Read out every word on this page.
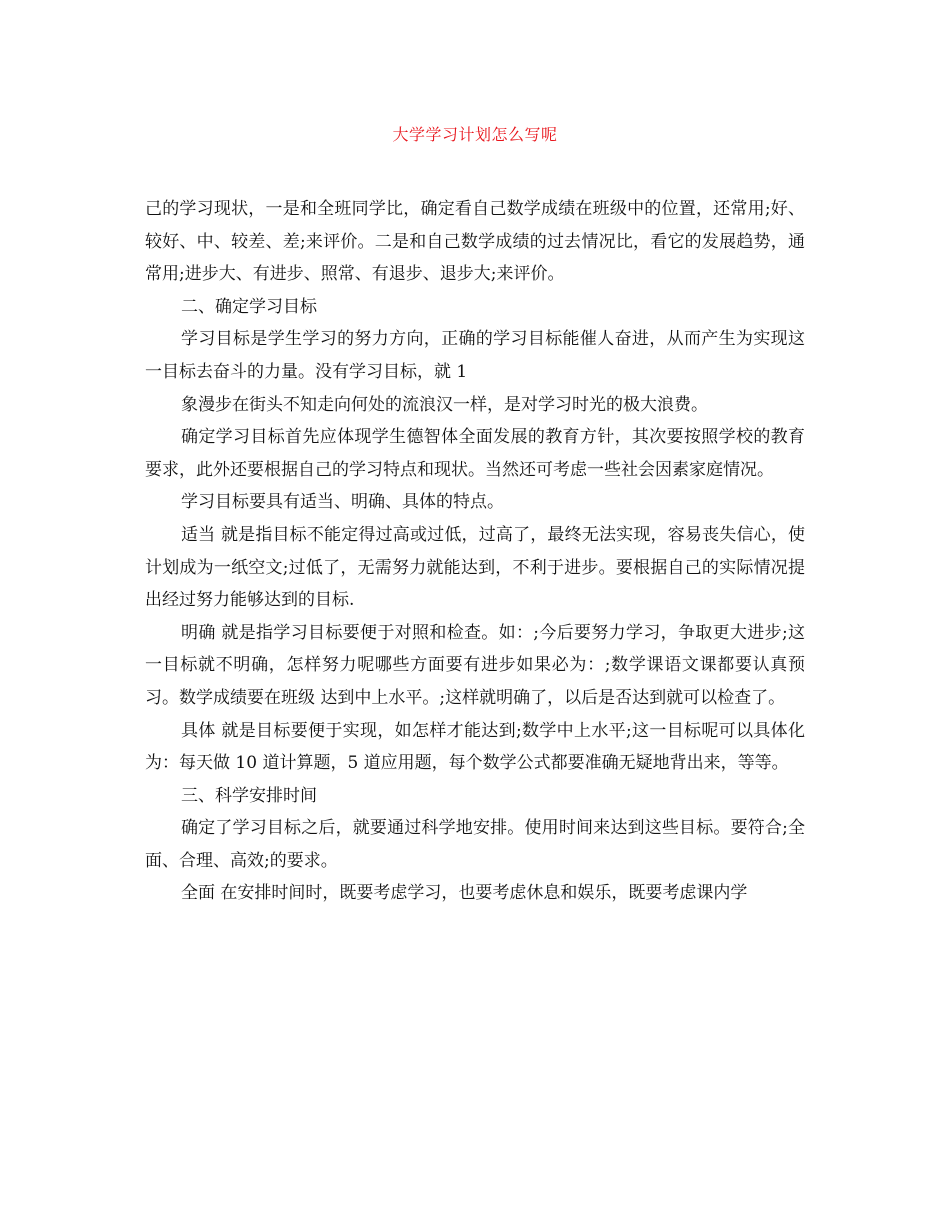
大学学习计划怎么写呢

己的学习现状，一是和全班同学比，确定看自己数学成绩在班级中的位置，还常用;好、较好、中、较差、差;来评价。二是和自己数学成绩的过去情况比，看它的发展趋势，通常用;进步大、有进步、照常、有退步、退步大;来评价。

二、确定学习目标

学习目标是学生学习的努力方向，正确的学习目标能催人奋进，从而产生为实现这一目标去奋斗的力量。没有学习目标，就 1

象漫步在街头不知走向何处的流浪汉一样，是对学习时光的极大浪费。

确定学习目标首先应体现学生德智体全面发展的教育方针，其次要按照学校的教育要求，此外还要根据自己的学习特点和现状。当然还可考虑一些社会因素家庭情况。

学习目标要具有适当、明确、具体的特点。

适当 就是指目标不能定得过高或过低，过高了，最终无法实现，容易丧失信心，使计划成为一纸空文;过低了，无需努力就能达到，不利于进步。要根据自己的实际情况提出经过努力能够达到的目标.

明确 就是指学习目标要便于对照和检查。如：;今后要努力学习，争取更大进步;这一目标就不明确，怎样努力呢哪些方面要有进步如果必为：;数学课语文课都要认真预习。数学成绩要在班级 达到中上水平。;这样就明确了，以后是否达到就可以检查了。

具体 就是目标要便于实现，如怎样才能达到;数学中上水平;这一目标呢可以具体化为：每天做 10 道计算题，5 道应用题，每个数学公式都要准确无疑地背出来，等等。

三、科学安排时间

确定了学习目标之后，就要通过科学地安排。使用时间来达到这些目标。要符合;全面、合理、高效;的要求。

全面 在安排时间时，既要考虑学习，也要考虑休息和娱乐，既要考虑课内学
